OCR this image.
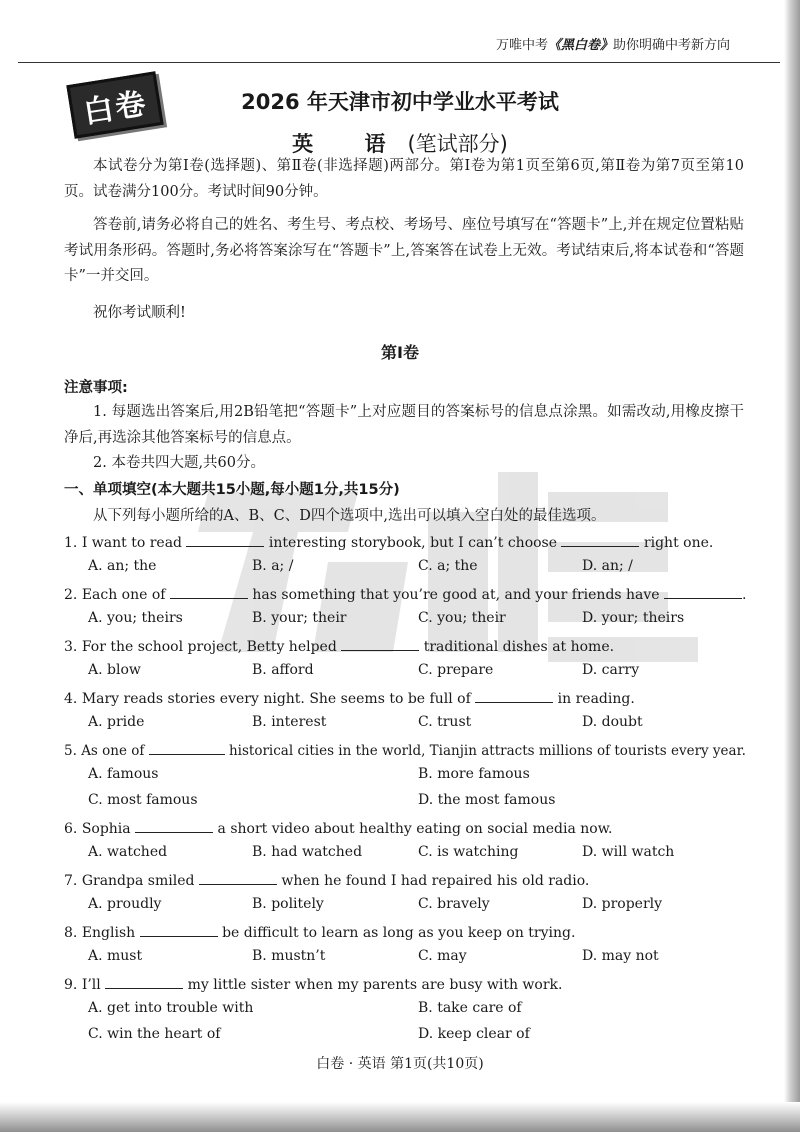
万唯中考《黑白卷》助你明确中考新方向
白卷	2026 年天津市初中学业水平考试
英 语(笔试部分)
本试卷分为第Ⅰ卷(选择题)、第Ⅱ卷(非选择题)两部分。第Ⅰ卷为第1页至第6页,第Ⅱ卷为第7页至第10页。试卷满分100分。考试时间90分钟。
答卷前,请务必将自己的姓名、考生号、考点校、考场号、座位号填写在“答题卡”上,并在规定位置粘贴考试用条形码。答题时,务必将答案涂写在“答题卡”上,答案答在试卷上无效。考试结束后,将本试卷和“答题卡”一并交回。
祝你考试顺利!
第Ⅰ卷
注意事项:
1. 每题选出答案后,用2B铅笔把“答题卡”上对应题目的答案标号的信息点涂黑。如需改动,用橡皮擦干净后,再选涂其他答案标号的信息点。
2. 本卷共四大题,共60分。
一、单项填空(本大题共15小题,每小题1分,共15分)
从下列每小题所给的A、B、C、D四个选项中,选出可以填入空白处的最佳选项。
1. I want to read	interesting storybook, but I can’t choose	right one.
A. an; the	B. a; /	C. a; the	D. an; /
2. Each one of	has something that you’re good at, and your friends have	.
A. you; theirs	B. your; their	C. you; their	D. your; theirs
3. For the school project, Betty helped	traditional dishes at home.
A. blow	B. afford	C. prepare	D. carry
4. Mary reads stories every night. She seems to be full of	in reading.
A. pride	B. interest	C. trust	D. doubt
5. As one of	historical cities in the world, Tianjin attracts millions of tourists every year.
A. famous	B. more famous
C. most famous	D. the most famous
6. Sophia	a short video about healthy eating on social media now.
A. watched	B. had watched	C. is watching	D. will watch
7. Grandpa smiled	when he found I had repaired his old radio.
A. proudly	B. politely	C. bravely	D. properly
8. English	be difficult to learn as long as you keep on trying.
A. must	B. mustn’t	C. may	D. may not
9. I’ll	my little sister when my parents are busy with work.
A. get into trouble with	B. take care of
C. win the heart of	D. keep clear of
白卷 · 英语 第1页(共10页)
